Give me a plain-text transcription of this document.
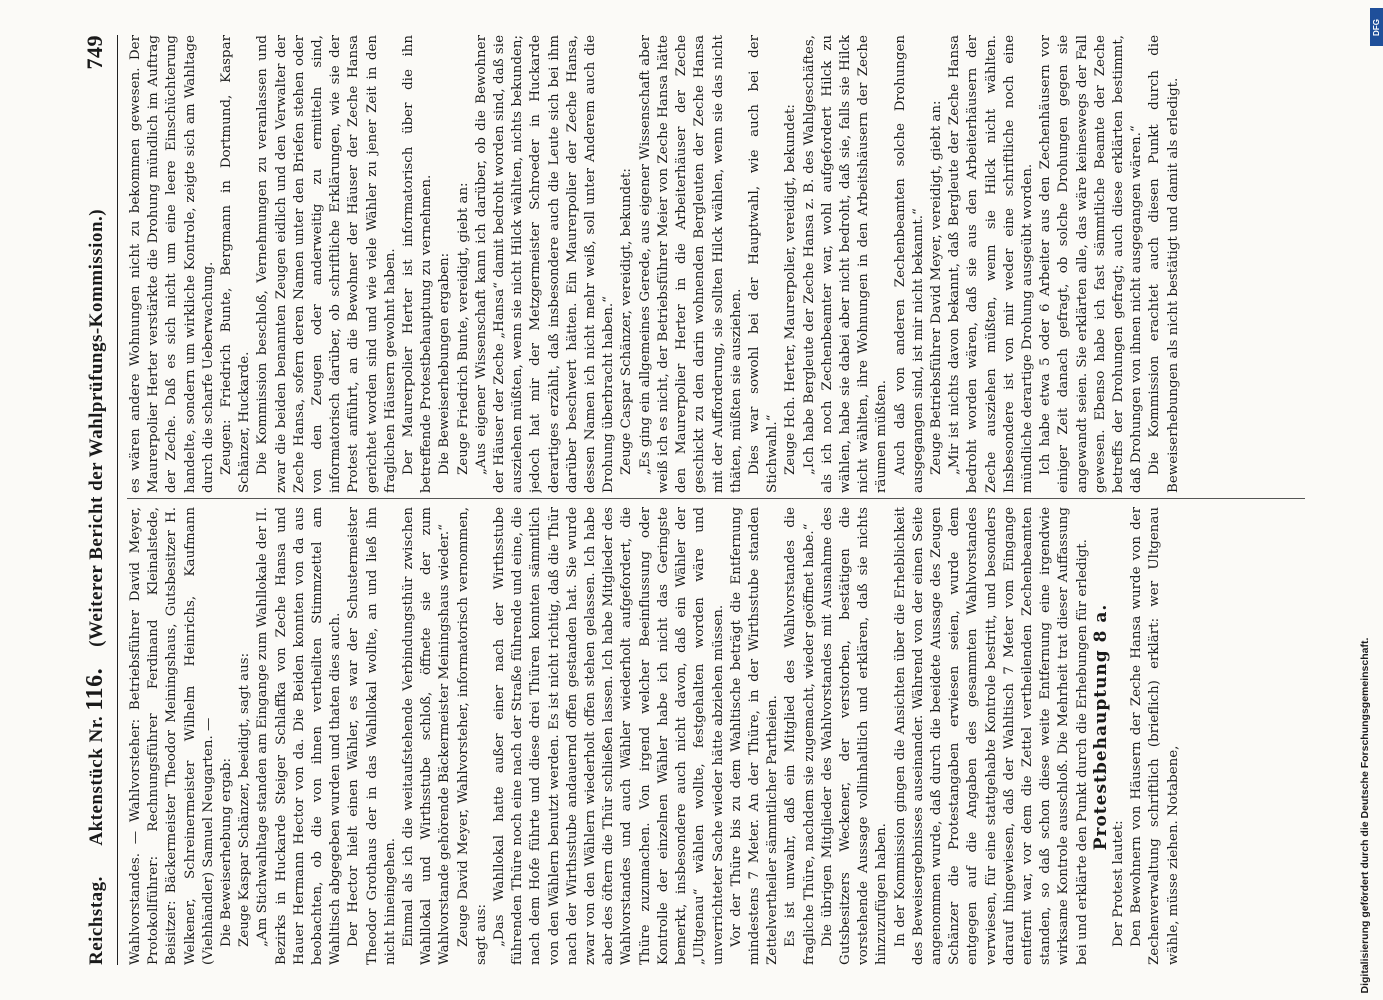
Reichstag.      Aktenstück Nr. 116.    (Weiterer Bericht der Wahlprüfungs-Kommission.)
749

Wahlvorstandes. — Wahlvorsteher: Betriebsführer David Meyer, Protokollführer: Rechnungsführer Ferdinand Kleinalstede, Beisitzer: Bäckermeister Theodor Meiningshaus, Gutsbesitzer H. Welkener, Schreinermeister Wilhelm Heinrichs, Kaufmann (Viehhändler) Samuel Neugarten. — Die Beweiserhebung ergab: Zeuge Kaspar Schänzer, beeidigt, sagt aus: „Am Stichwahltage standen am Eingange zum Wahllokale der II. Bezirks in Huckarde Steiger Schlaffka von Zeche Hansa und Hauer Hermann Hector von da. Die Beiden konnten von da aus beobachten, ob die von ihnen vertheilten Stimmzettel am Wahltisch abgegeben wurden und thaten dies auch. Der Hector hielt einen Wähler, es war der Schustermeister Theodor Grothaus der in das Wahllokal wollte, an und ließ ihn nicht hineingehen. Einmal als ich die weitaufstehende Verbindungsthür zwischen Wahllokal und Wirthsstube schloß, öffnete sie der zum Wahlvorstande gehörende Bäckermeister Meiningshaus wieder.“ Zeuge David Meyer, Wahlvorsteher, informatorisch vernommen, sagt aus: „Das Wahllokal hatte außer einer nach der Wirthsstube führenden Thüre noch eine nach der Straße führende und eine, die nach dem Hofe führte und diese drei Thüren konnten sämmtlich von den Wählern benutzt werden. Es ist nicht richtig, daß die Thür nach der Wirthsstube andauernd offen gestanden hat. Sie wurde zwar von den Wählern wiederholt offen stehen gelassen. Ich habe aber des öftern die Thür schließen lassen. Ich habe Mitglieder des Wahlvorstandes und auch Wähler wiederholt aufgefordert, die Thüre zuzumachen. Von irgend welcher Beeinflussung oder Kontrolle der einzelnen Wähler habe ich nicht das Geringste bemerkt, insbesondere auch nicht davon, daß ein Wähler der „Ultgenau“ wählen wollte, festgehalten worden wäre und unverrichteter Sache wieder hätte abziehen müssen. Vor der Thüre bis zu dem Wahltische beträgt die Entfernung mindestens 7 Meter. An der Thüre, in der Wirthsstube standen Zettelvertheiler sämmtlicher Partheien. Es ist unwahr, daß ein Mitglied des Wahlvorstandes die fragliche Thüre, nachdem sie zugemacht, wieder geöffnet habe.“ Die übrigen Mitglieder des Wahlvorstandes mit Ausnahme des Gutsbesitzers Weckener, der verstorben, bestätigen die vorstehende Aussage vollinhaltlich und erklären, daß sie nichts hinzuzufügen haben. In der Kommission gingen die Ansichten über die Erheblichkeit des Beweisergebnisses auseinander. Während von der einen Seite angenommen wurde, daß durch die beeidete Aussage des Zeugen Schänzer die Protestangaben erwiesen seien, wurde dem entgegen auf die Angaben des gesammten Wahlvorstandes verwiesen, für eine stattgehabte Kontrole bestritt, und besonders darauf hingewiesen, daß der Wahltisch 7 Meter vom Eingange entfernt war, vor dem die Zettel vertheilenden Zechenbeamten standen, so daß schon diese weite Entfernung eine irgendwie wirksame Kontrole ausschloß. Die Mehrheit trat dieser Auffassung bei und erklärte den Punkt durch die Erhebungen für erledigt. Protestbehauptung 8 a.

Der Protest lautet: Den Bewohnern von Häusern der Zeche Hansa wurde von der Zechenverwaltung schriftlich (brieflich) erklärt: wer Ultgenau wähle, müsse ziehen. Notabene,

es wären andere Wohnungen nicht zu bekommen gewesen. Der Maurerpolier Herter verstärkte die Drohung mündlich im Auftrag der Zeche. Daß es sich nicht um eine leere Einschüchterung handelte, sondern um wirkliche Kontrole, zeigte sich am Wahltage durch die scharfe Ueberwachung. Zeugen: Friedrich Bunte, Bergmann in Dortmund, Kaspar Schänzer, Huckarde. Die Kommission beschloß, Vernehmungen zu veranlassen und zwar die beiden benannten Zeugen eidlich und den Verwalter der Zeche Hansa, sofern deren Namen unter den Briefen stehen oder von den Zeugen oder anderweitig zu ermitteln sind, informatorisch darüber, ob schriftliche Erklärungen, wie sie der Protest anführt, an die Bewohner der Häuser der Zeche Hansa gerichtet worden sind und wie viele Wähler zu jener Zeit in den fraglichen Häusern gewohnt haben. Der Maurerpolier Herter ist informatorisch über die ihn betreffende Protestbehauptung zu vernehmen. Die Beweiserhebungen ergaben: Zeuge Friedrich Bunte, vereidigt, giebt an: „Aus eigener Wissenschaft kann ich darüber, ob die Bewohner der Häuser der Zeche „Hansa“ damit bedroht worden sind, daß sie ausziehen müßten, wenn sie nicht Hilck wählten, nichts bekunden; jedoch hat mir der Metzgermeister Schroeder in Huckarde derartiges erzählt, daß insbesondere auch die Leute sich bei ihm darüber beschwert hätten. Ein Maurerpolier der Zeche Hansa, dessen Namen ich nicht mehr weiß, soll unter Anderem auch die Drohung überbracht haben.“ Zeuge Caspar Schänzer, vereidigt, bekundet: „Es ging ein allgemeines Gerede, aus eigener Wissenschaft aber weiß ich es nicht, der Betriebsführer Meier von Zeche Hansa hätte den Maurerpolier Herter in die Arbeiterhäuser der Zeche geschickt zu den darin wohnenden Bergleuten der Zeche Hansa mit der Aufforderung, sie sollten Hilck wählen, wenn sie das nicht thäten, müßten sie ausziehen. Dies war sowohl bei der Hauptwahl, wie auch bei der Stichwahl.“ Zeuge Hch. Herter, Maurerpolier, vereidigt, bekundet: „Ich habe Bergleute der Zeche Hansa z. B. des Wahlgeschäftes, als ich noch Zechenbeamter war, wohl aufgefordert Hilck zu wählen, habe sie dabei aber nicht bedroht, daß sie, falls sie Hilck nicht wählten, ihre Wohnungen in den Arbeitshäusern der Zeche räumen müßten. Auch daß von anderen Zechenbeamten solche Drohungen ausgegangen sind, ist mir nicht bekannt.“ Zeuge Betriebsführer David Meyer, vereidigt, giebt an: „Mir ist nichts davon bekannt, daß Bergleute der Zeche Hansa bedroht worden wären, daß sie aus den Arbeiterhäusern der Zeche ausziehen müßten, wenn sie Hilck nicht wählten. Insbesondere ist von mir weder eine schriftliche noch eine mündliche derartige Drohung ausgeübt worden. Ich habe etwa 5 oder 6 Arbeiter aus den Zechenhäusern vor einiger Zeit danach gefragt, ob solche Drohungen gegen sie angewandt seien. Sie erklärten alle, das wäre keineswegs der Fall gewesen. Ebenso habe ich fast sämmtliche Beamte der Zeche betreffs der Drohungen gefragt; auch diese erklärten bestimmt, daß Drohungen von ihnen nicht ausgegangen wären.“ Die Kommission erachtet auch diesen Punkt durch die Beweiserhebungen als nicht bestätigt und damit als erledigt.

Digitalisierung gefördert durch die Deutsche Forschungsgemeinschaft.
DFG
